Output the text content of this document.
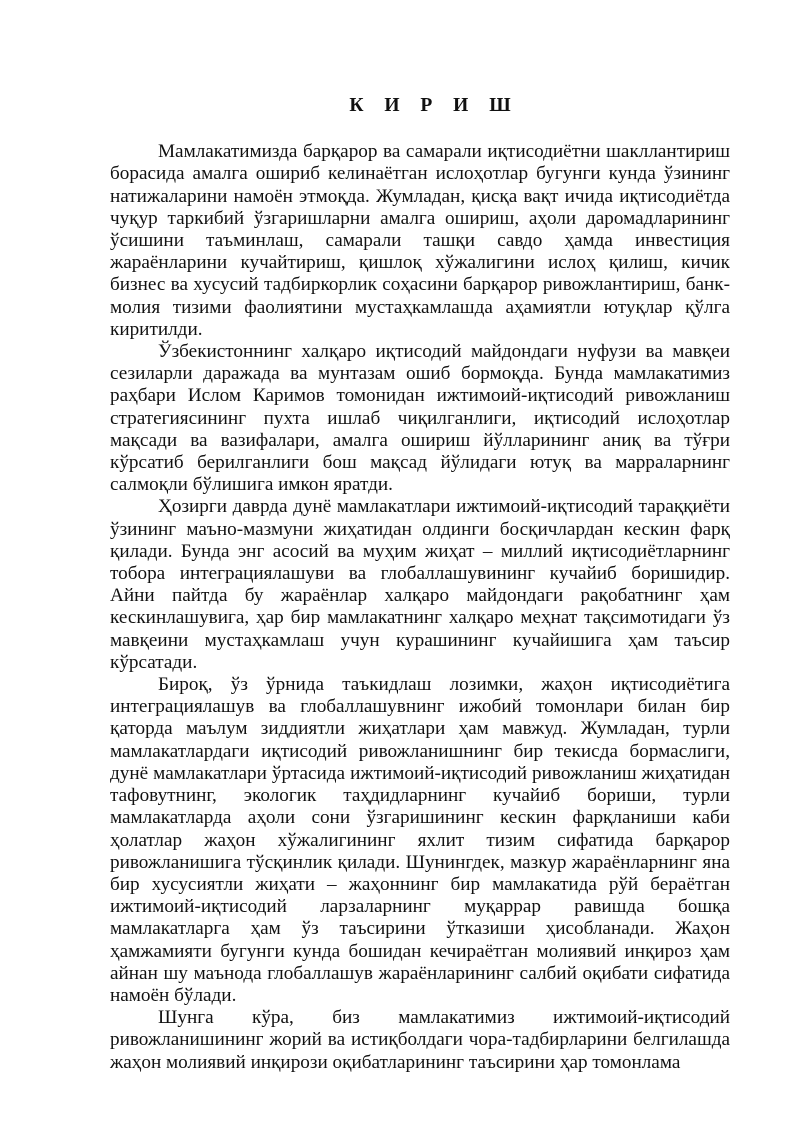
К И Р И Ш

Мамлакатимизда барқарор ва самарали иқтисодиётни шакллантириш борасида амалга ошириб келинаётган ислоҳотлар бугунги кунда ўзининг натижаларини намоён этмоқда. Жумладан, қисқа вақт ичида иқтисодиётда чуқур таркибий ўзгаришларни амалга ошириш, аҳоли даромадларининг ўсишини таъминлаш, самарали ташқи савдо ҳамда инвестиция жараёнларини кучайтириш, қишлоқ хўжалигини ислоҳ қилиш, кичик бизнес ва хусусий тадбиркорлик соҳасини барқарор ривожлантириш, банк-молия тизими фаолиятини мустаҳкамлашда аҳамиятли ютуқлар қўлга киритилди.

Ўзбекистоннинг халқаро иқтисодий майдондаги нуфузи ва мавқеи сезиларли даражада ва мунтазам ошиб бормоқда. Бунда мамлакатимиз раҳбари Ислом Каримов томонидан ижтимоий-иқтисодий ривожланиш стратегиясининг пухта ишлаб чиқилганлиги, иқтисодий ислоҳотлар мақсади ва вазифалари, амалга ошириш йўлларининг аниқ ва тўғри кўрсатиб берилганлиги бош мақсад йўлидаги ютуқ ва марраларнинг салмоқли бўлишига имкон яратди.

Ҳозирги даврда дунё мамлакатлари ижтимоий-иқтисодий тараққиёти ўзининг маъно-мазмуни жиҳатидан олдинги босқичлардан кескин фарқ қилади. Бунда энг асосий ва муҳим жиҳат – миллий иқтисодиётларнинг тобора интеграциялашуви ва глобаллашувининг кучайиб боришидир. Айни пайтда бу жараёнлар халқаро майдондаги рақобатнинг ҳам кескинлашувига, ҳар бир мамлакатнинг халқаро меҳнат тақсимотидаги ўз мавқеини мустаҳкамлаш учун курашининг кучайишига ҳам таъсир кўрсатади.

Бироқ, ўз ўрнида таъкидлаш лозимки, жаҳон иқтисодиётига интеграциялашув ва глобаллашувнинг ижобий томонлари билан бир қаторда маълум зиддиятли жиҳатлари ҳам мавжуд. Жумладан, турли мамлакатлардаги иқтисодий ривожланишнинг бир текисда бормаслиги, дунё мамлакатлари ўртасида ижтимоий-иқтисодий ривожланиш жиҳатидан тафовутнинг, экологик таҳдидларнинг кучайиб бориши, турли мамлакатларда аҳоли сони ўзгаришининг кескин фарқланиши каби ҳолатлар жаҳон хўжалигининг яхлит тизим сифатида барқарор ривожланишига тўсқинлик қилади. Шунингдек, мазкур жараёнларнинг яна бир хусусиятли жиҳати – жаҳоннинг бир мамлакатида рўй бераётган ижтимоий-иқтисодий ларзаларнинг муқаррар равишда бошқа мамлакатларга ҳам ўз таъсирини ўтказиши ҳисобланади. Жаҳон ҳамжамияти бугунги кунда бошидан кечираётган молиявий инқироз ҳам айнан шу маънода глобаллашув жараёнларининг салбий оқибати сифатида намоён бўлади.

Шунга кўра, биз мамлакатимиз ижтимоий-иқтисодий ривожланишининг жорий ва истиқболдаги чора-тадбирларини белгилашда жаҳон молиявий инқирози оқибатларининг таъсирини ҳар томонлама
